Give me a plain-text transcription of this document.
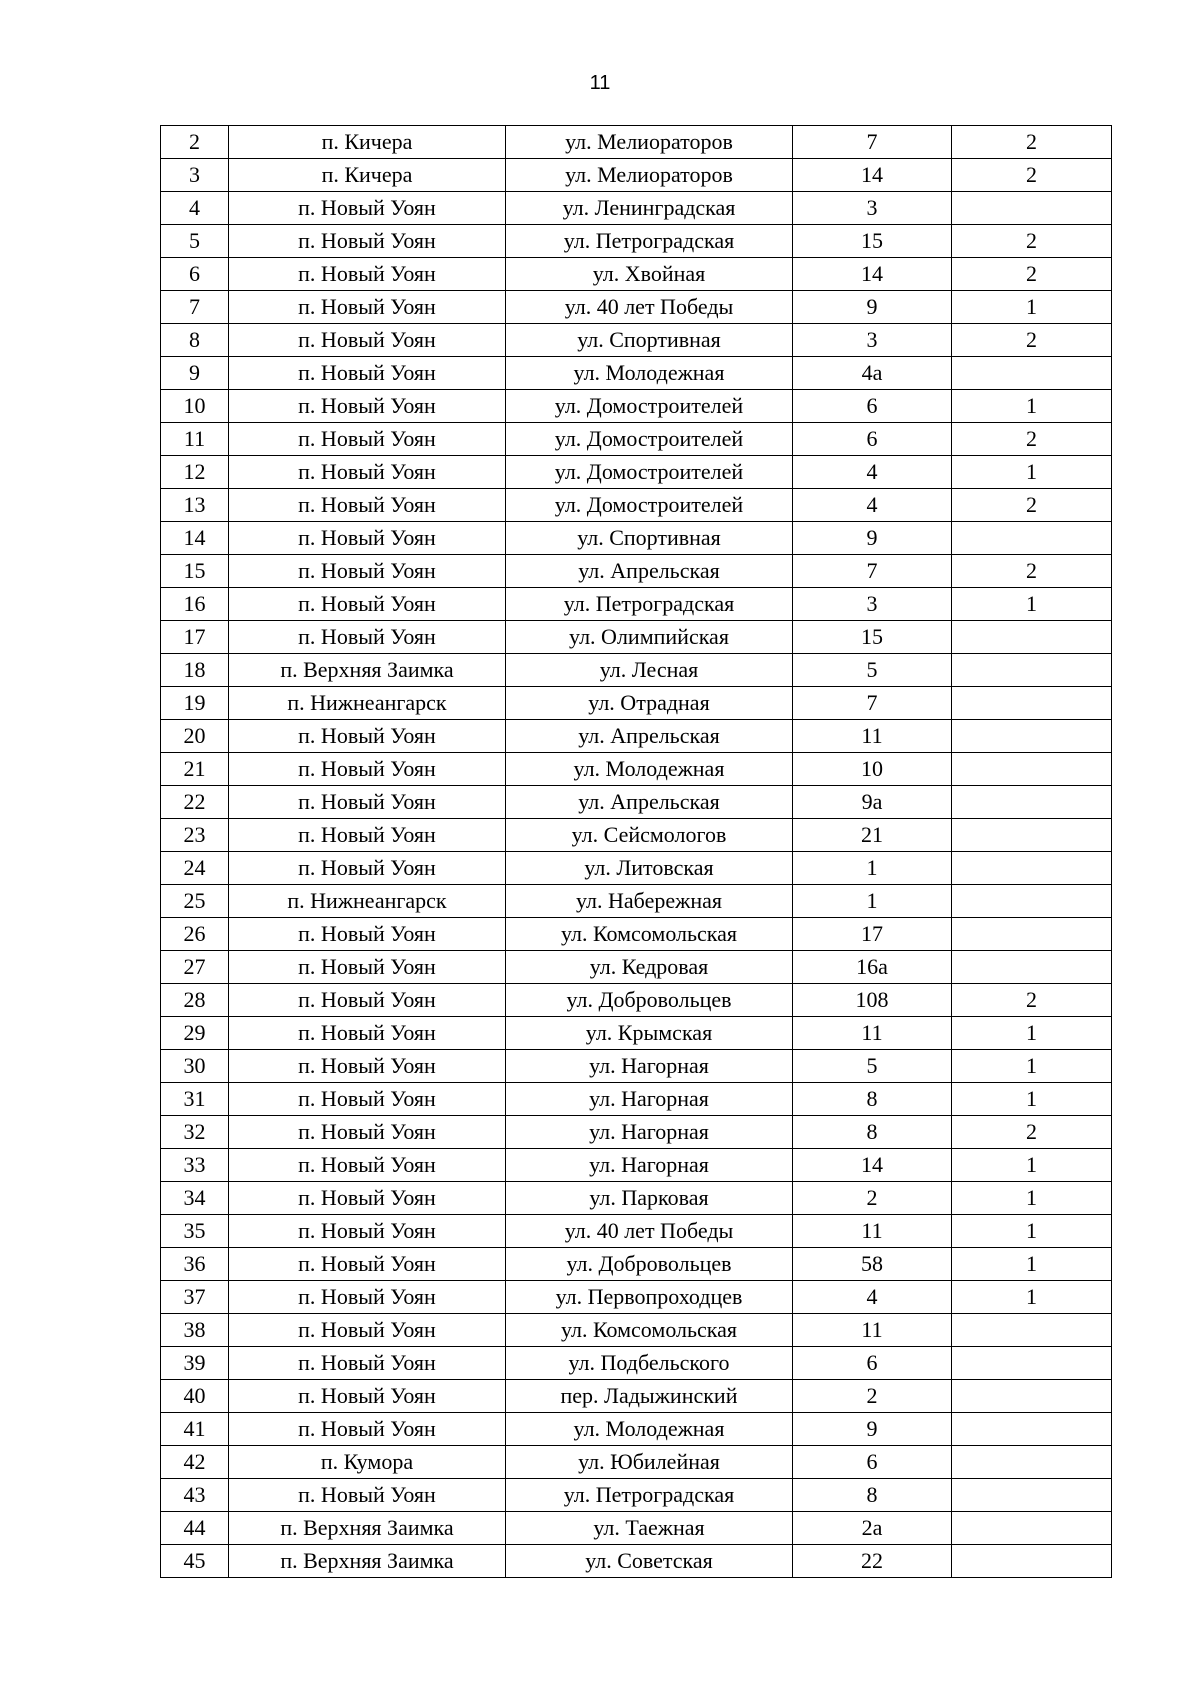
11
2	п. Кичера	ул. Мелиораторов	7	2
3	п. Кичера	ул. Мелиораторов	14	2
4	п. Новый Уоян	ул. Ленинградская	3	
5	п. Новый Уоян	ул. Петроградская	15	2
6	п. Новый Уоян	ул. Хвойная	14	2
7	п. Новый Уоян	ул. 40 лет Победы	9	1
8	п. Новый Уоян	ул. Спортивная	3	2
9	п. Новый Уоян	ул. Молодежная	4а	
10	п. Новый Уоян	ул. Домостроителей	6	1
11	п. Новый Уоян	ул. Домостроителей	6	2
12	п. Новый Уоян	ул. Домостроителей	4	1
13	п. Новый Уоян	ул. Домостроителей	4	2
14	п. Новый Уоян	ул. Спортивная	9	
15	п. Новый Уоян	ул. Апрельская	7	2
16	п. Новый Уоян	ул. Петроградская	3	1
17	п. Новый Уоян	ул. Олимпийская	15	
18	п. Верхняя Заимка	ул. Лесная	5	
19	п. Нижнеангарск	ул. Отрадная	7	
20	п. Новый Уоян	ул. Апрельская	11	
21	п. Новый Уоян	ул. Молодежная	10	
22	п. Новый Уоян	ул. Апрельская	9а	
23	п. Новый Уоян	ул. Сейсмологов	21	
24	п. Новый Уоян	ул. Литовская	1	
25	п. Нижнеангарск	ул. Набережная	1	
26	п. Новый Уоян	ул. Комсомольская	17	
27	п. Новый Уоян	ул. Кедровая	16а	
28	п. Новый Уоян	ул. Добровольцев	108	2
29	п. Новый Уоян	ул. Крымская	11	1
30	п. Новый Уоян	ул. Нагорная	5	1
31	п. Новый Уоян	ул. Нагорная	8	1
32	п. Новый Уоян	ул. Нагорная	8	2
33	п. Новый Уоян	ул. Нагорная	14	1
34	п. Новый Уоян	ул. Парковая	2	1
35	п. Новый Уоян	ул. 40 лет Победы	11	1
36	п. Новый Уоян	ул. Добровольцев	58	1
37	п. Новый Уоян	ул. Первопроходцев	4	1
38	п. Новый Уоян	ул. Комсомольская	11	
39	п. Новый Уоян	ул. Подбельского	6	
40	п. Новый Уоян	пер. Ладыжинский	2	
41	п. Новый Уоян	ул. Молодежная	9	
42	п. Кумора	ул. Юбилейная	6	
43	п. Новый Уоян	ул. Петроградская	8	
44	п. Верхняя Заимка	ул. Таежная	2а	
45	п. Верхняя Заимка	ул. Советская	22	
